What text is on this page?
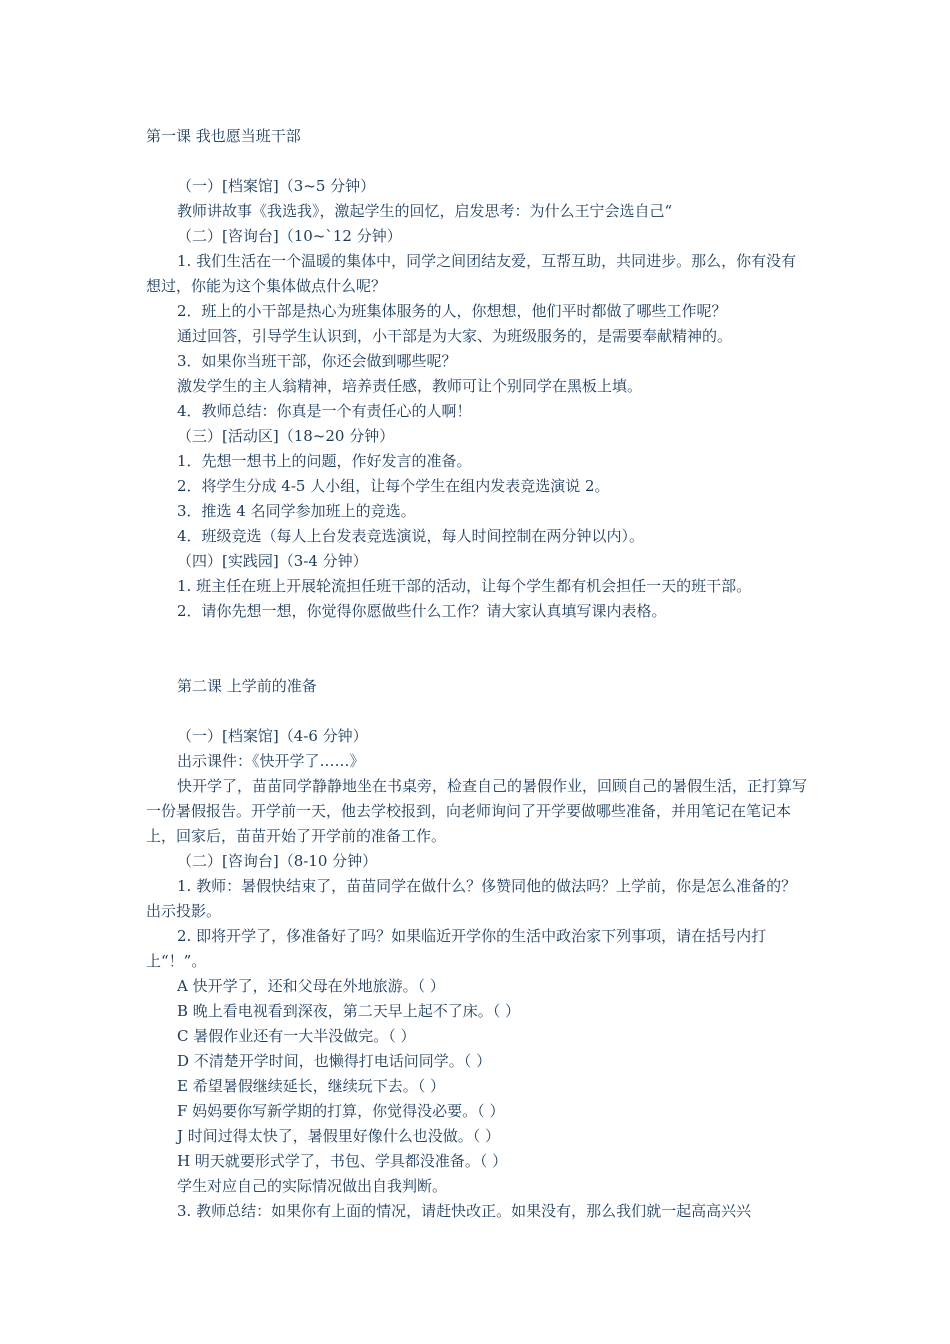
第一课 我也愿当班干部
（一）[档案馆]（3~5 分钟）
教师讲故事《我选我》，激起学生的回忆，启发思考：为什么王宁会选自己“
（二）[咨询台]（10~`12 分钟）
1. 我们生活在一个温暖的集体中，同学之间团结友爱，互帮互助，共同进步。那么，你有没有想过，你能为这个集体做点什么呢？
2．班上的小干部是热心为班集体服务的人，你想想，他们平时都做了哪些工作呢？
通过回答，引导学生认识到，小干部是为大家、为班级服务的，是需要奉献精神的。
3．如果你当班干部，你还会做到哪些呢？
激发学生的主人翁精神，培养责任感，教师可让个别同学在黑板上填。
4．教师总结：你真是一个有责任心的人啊！
（三）[活动区]（18~20 分钟）
1．先想一想书上的问题，作好发言的准备。
2．将学生分成 4-5 人小组，让每个学生在组内发表竞选演说 2。
3．推选 4 名同学参加班上的竞选。
4．班级竞选（每人上台发表竞选演说，每人时间控制在两分钟以内）。
（四）[实践园]（3-4 分钟）
1. 班主任在班上开展轮流担任班干部的活动，让每个学生都有机会担任一天的班干部。
2．请你先想一想，你觉得你愿做些什么工作？请大家认真填写课内表格。
第二课 上学前的准备
（一）[档案馆]（4-6 分钟）
出示课件：《快开学了……》
快开学了，苗苗同学静静地坐在书桌旁，检查自己的暑假作业，回顾自己的暑假生活，正打算写一份暑假报告。开学前一天，他去学校报到，向老师询问了开学要做哪些准备，并用笔记在笔记本上，回家后，苗苗开始了开学前的准备工作。
（二）[咨询台]（8-10 分钟）
1. 教师：暑假快结束了，苗苗同学在做什么？侈赞同他的做法吗？上学前，你是怎么准备的？出示投影。
2. 即将开学了，侈准备好了吗？如果临近开学你的生活中政治家下列事项，请在括号内打上“！”。
A 快开学了，还和父母在外地旅游。（ ）
B 晚上看电视看到深夜，第二天早上起不了床。（ ）
C 暑假作业还有一大半没做完。（ ）
D 不清楚开学时间，也懒得打电话问同学。（ ）
E 希望暑假继续延长，继续玩下去。（ ）
F 妈妈要你写新学期的打算，你觉得没必要。（ ）
J 时间过得太快了，暑假里好像什么也没做。（ ）
H 明天就要形式学了，书包、学具都没准备。（ ）
学生对应自己的实际情况做出自我判断。
3. 教师总结：如果你有上面的情况，请赶快改正。如果没有，那么我们就一起高高兴兴
